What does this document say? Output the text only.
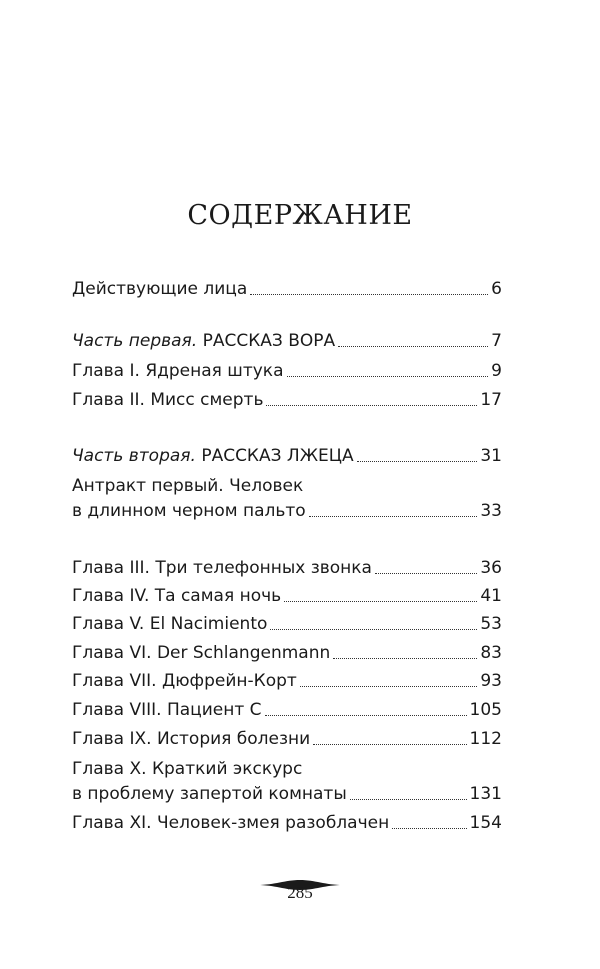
СОДЕРЖАНИЕ
Действующие лица	6
Часть первая. РАССКАЗ ВОРА	7
Глава I. Ядреная штука	9
Глава II. Мисс смерть	17
Часть вторая. РАССКАЗ ЛЖЕЦА	31
Антракт первый. Человек
в длинном черном пальто	33
Глава III. Три телефонных звонка	36
Глава IV. Та самая ночь	41
Глава V. El Nacimiento	53
Глава VI. Der Schlangenmann	83
Глава VII. Дюфрейн-Корт	93
Глава VIII. Пациент С	105
Глава IX. История болезни	112
Глава X. Краткий экскурс
в проблему запертой комнаты	131
Глава XI. Человек-змея разоблачен	154
285
